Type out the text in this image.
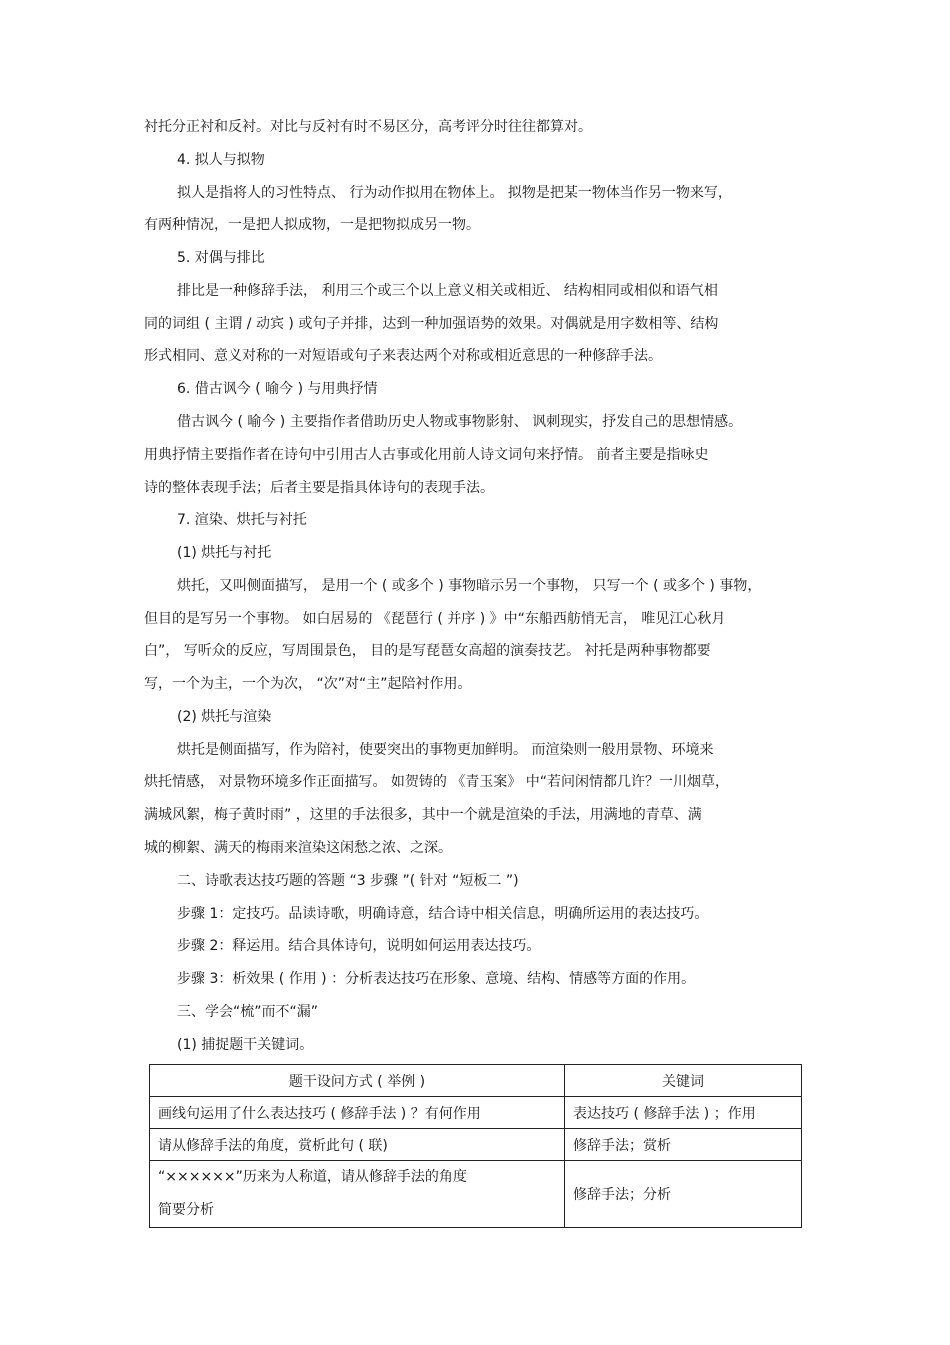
衬托分正衬和反衬。对比与反衬有时不易区分，高考评分时往往都算对。
4. 拟人与拟物
拟人是指将人的习性特点、 行为动作拟用在物体上。 拟物是把某一物体当作另一物来写，
有两种情况，一是把人拟成物，一是把物拟成另一物。
5. 对偶与排比
排比是一种修辞手法， 利用三个或三个以上意义相关或相近、 结构相同或相似和语气相
同的词组 ( 主谓 / 动宾 ) 或句子并排，达到一种加强语势的效果。对偶就是用字数相等、结构
形式相同、意义对称的一对短语或句子来表达两个对称或相近意思的一种修辞手法。
6. 借古讽今 ( 喻今 ) 与用典抒情
借古讽今 ( 喻今 ) 主要指作者借助历史人物或事物影射、 讽刺现实，抒发自己的思想情感。
用典抒情主要指作者在诗句中引用古人古事或化用前人诗文词句来抒情。 前者主要是指咏史
诗的整体表现手法；后者主要是指具体诗句的表现手法。
7. 渲染、烘托与衬托
(1) 烘托与衬托
烘托，又叫侧面描写， 是用一个 ( 或多个 ) 事物暗示另一个事物， 只写一个 ( 或多个 ) 事物，
但目的是写另一个事物。 如白居易的 《琵琶行 ( 并序 ) 》中“东船西舫悄无言， 唯见江心秋月
白”， 写听众的反应，写周围景色， 目的是写琵琶女高超的演奏技艺。 衬托是两种事物都要
写，一个为主，一个为次， “次”对“主”起陪衬作用。
(2) 烘托与渲染
烘托是侧面描写，作为陪衬，使要突出的事物更加鲜明。 而渲染则一般用景物、环境来
烘托情感， 对景物环境多作正面描写。 如贺铸的 《青玉案》 中“若问闲情都几许？一川烟草，
满城风絮，梅子黄时雨” ，这里的手法很多，其中一个就是渲染的手法，用满地的青草、满
城的柳絮、满天的梅雨来渲染这闲愁之浓、之深。
二、诗歌表达技巧题的答题 “3 步骤 ”( 针对 “短板二 ”)
步骤 1：定技巧。品读诗歌，明确诗意，结合诗中相关信息，明确所运用的表达技巧。
步骤 2：释运用。结合具体诗句，说明如何运用表达技巧。
步骤 3：析效果 ( 作用 ) ：分析表达技巧在形象、意境、结构、情感等方面的作用。
三、学会“梳”而不“漏”
(1) 捕捉题干关键词。
题干设问方式 ( 举例 )	关键词
画线句运用了什么表达技巧 ( 修辞手法 ) ？有何作用	表达技巧 ( 修辞手法 ) ；作用
请从修辞手法的角度，赏析此句 ( 联)	修辞手法；赏析

“××××××”历来为人称道，请从修辞手法的角度
简要分析	修辞手法；分析
